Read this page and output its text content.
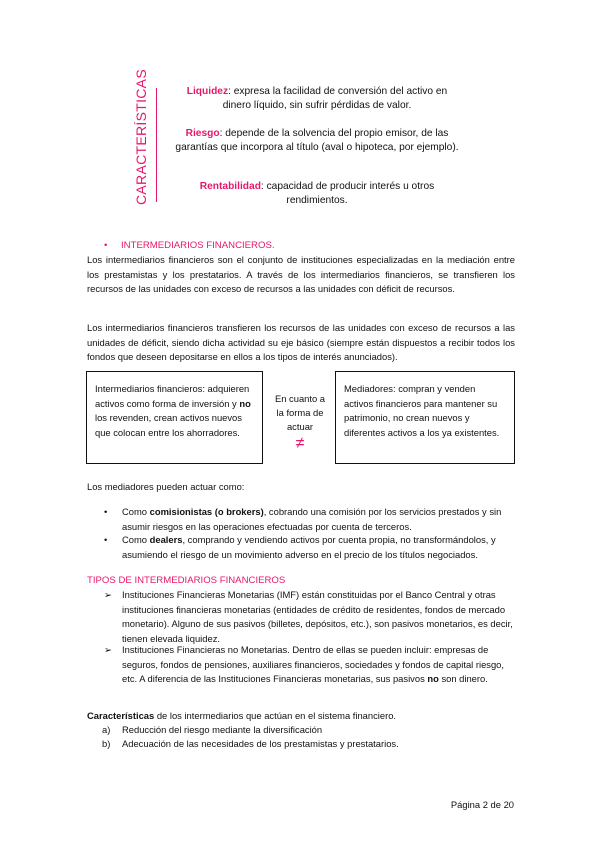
CARACTERÍSTICAS	Liquidez: expresa la facilidad de conversión del activo en dinero líquido, sin sufrir pérdidas de valor.
Riesgo: depende de la solvencia del propio emisor, de las garantías que incorpora al título (aval o hipoteca, por ejemplo).
Rentabilidad: capacidad de producir interés u otros rendimientos.
• INTERMEDIARIOS FINANCIEROS.
Los intermediarios financieros son el conjunto de instituciones especializadas en la mediación entre los prestamistas y los prestatarios. A través de los intermediarios financieros, se transfieren los recursos de las unidades con exceso de recursos a las unidades con déficit de recursos.
Los intermediarios financieros transfieren los recursos de las unidades con exceso de recursos a las unidades de déficit, siendo dicha actividad su eje básico (siempre están dispuestos a recibir todos los fondos que deseen depositarse en ellos a los tipos de interés anunciados).
Intermediarios financieros: adquieren activos como forma de inversión y no los revenden, crean activos nuevos que colocan entre los ahorradores.
En cuanto a la forma de actuar
≠
Mediadores: compran y venden activos financieros para mantener su patrimonio, no crean nuevos y diferentes activos a los ya existentes.
Los mediadores pueden actuar como:
• Como comisionistas (o brokers), cobrando una comisión por los servicios prestados y sin asumir riesgos en las operaciones efectuadas por cuenta de terceros.
• Como dealers, comprando y vendiendo activos por cuenta propia, no transformándolos, y asumiendo el riesgo de un movimiento adverso en el precio de los títulos negociados.
TIPOS DE INTERMEDIARIOS FINANCIEROS
➢ Instituciones Financieras Monetarias (IMF) están constituidas por el Banco Central y otras instituciones financieras monetarias (entidades de crédito de residentes, fondos de mercado monetario). Alguno de sus pasivos (billetes, depósitos, etc.), son pasivos monetarios, es decir, tienen elevada liquidez.
➢ Instituciones Financieras no Monetarias. Dentro de ellas se pueden incluir: empresas de seguros, fondos de pensiones, auxiliares financieros, sociedades y fondos de capital riesgo, etc. A diferencia de las Instituciones Financieras monetarias, sus pasivos no son dinero.
Características de los intermediarios que actúan en el sistema financiero.
a) Reducción del riesgo mediante la diversificación
b) Adecuación de las necesidades de los prestamistas y prestatarios.
Página 2 de 20
